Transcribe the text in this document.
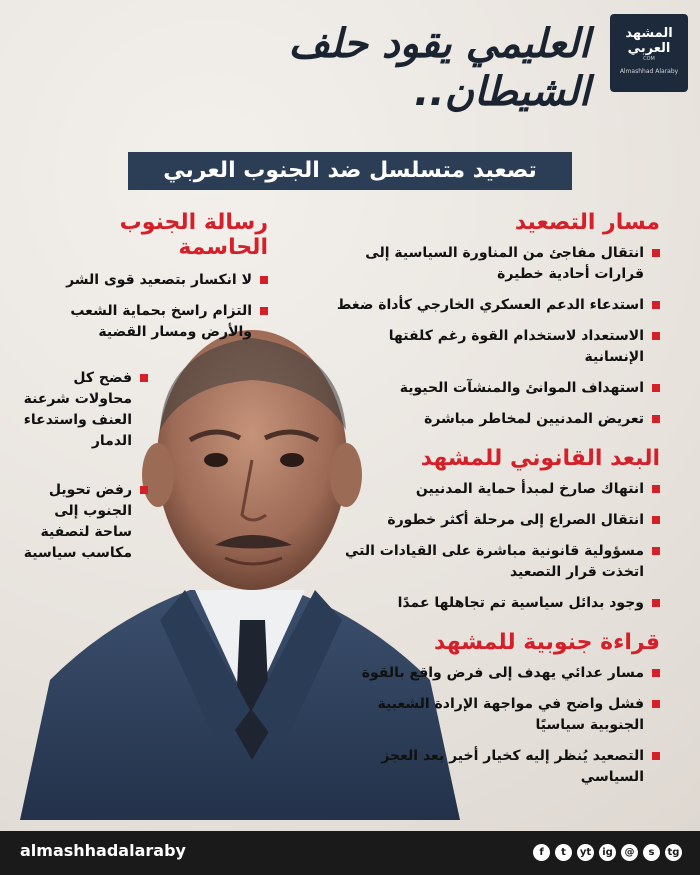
المشهد
العربي
COM
Almashhad Alaraby
العليمي يقود حلف الشيطان..
تصعيد متسلسل ضد الجنوب العربي
مسار التصعيد
انتقال مفاجئ من المناورة السياسية إلى قرارات أحادية خطيرة
استدعاء الدعم العسكري الخارجي كأداة ضغط
الاستعداد لاستخدام القوة رغم كلفتها الإنسانية
استهداف الموانئ والمنشآت الحيوية
تعريض المدنيين لمخاطر مباشرة
البعد القانوني للمشهد
انتهاك صارخ لمبدأ حماية المدنيين
انتقال الصراع إلى مرحلة أكثر خطورة
مسؤولية قانونية مباشرة على القيادات التي اتخذت قرار التصعيد
وجود بدائل سياسية تم تجاهلها عمدًا
قراءة جنوبية للمشهد
مسار عدائي يهدف إلى فرض واقع بالقوة
فشل واضح في مواجهة الإرادة الشعبية الجنوبية سياسيًا
التصعيد يُنظر إليه كخيار أخير بعد العجز السياسي
رسالة الجنوب
الحاسمة
لا انكسار بتصعيد قوى الشر
التزام راسخ بحماية الشعب والأرض ومسار القضية
فضح كل محاولات شرعنة العنف واستدعاء الدمار
رفض تحويل الجنوب إلى ساحة لتصفية مكاسب سياسية
almashhadalaraby	f	t	yt	ig	@	s	tg
